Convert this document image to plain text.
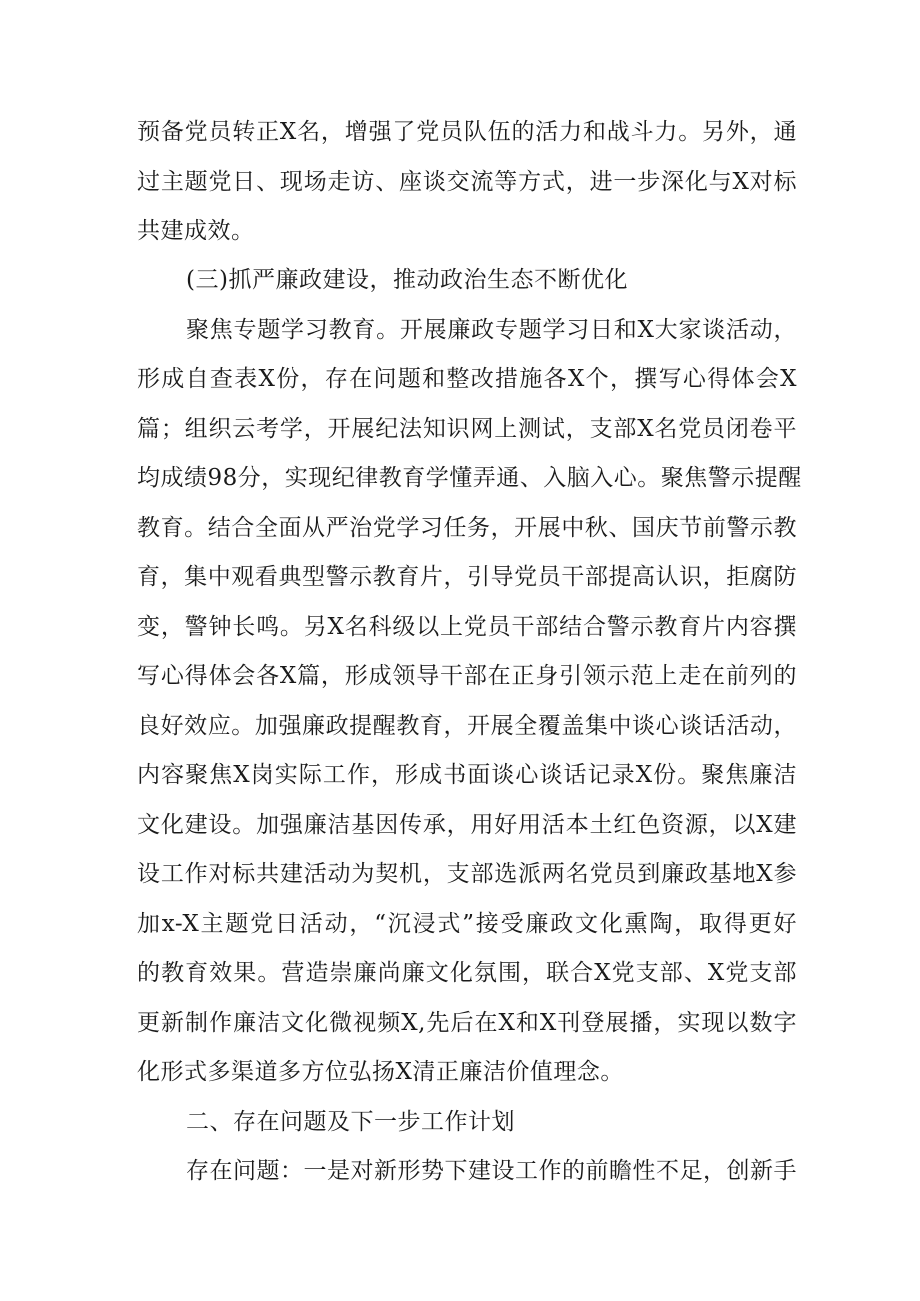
预备党员转正X名，增强了党员队伍的活力和战斗力。另外，通
过主题党日、现场走访、座谈交流等方式，进一步深化与X对标
共建成效。
(三)抓严廉政建设，推动政治生态不断优化
聚焦专题学习教育。开展廉政专题学习日和X大家谈活动，
形成自查表X份，存在问题和整改措施各X个，撰写心得体会X
篇；组织云考学，开展纪法知识网上测试，支部X名党员闭卷平
均成绩98分，实现纪律教育学懂弄通、入脑入心。聚焦警示提醒
教育。结合全面从严治党学习任务，开展中秋、国庆节前警示教
育，集中观看典型警示教育片，引导党员干部提高认识，拒腐防
变，警钟长鸣。另X名科级以上党员干部结合警示教育片内容撰
写心得体会各X篇，形成领导干部在正身引领示范上走在前列的
良好效应。加强廉政提醒教育，开展全覆盖集中谈心谈话活动，
内容聚焦X岗实际工作，形成书面谈心谈话记录X份。聚焦廉洁
文化建设。加强廉洁基因传承，用好用活本土红色资源，以X建
设工作对标共建活动为契机，支部选派两名党员到廉政基地X参
加x-X主题党日活动，“沉浸式”接受廉政文化熏陶，取得更好
的教育效果。营造崇廉尚廉文化氛围，联合X党支部、X党支部
更新制作廉洁文化微视频X,先后在X和X刊登展播，实现以数字
化形式多渠道多方位弘扬X清正廉洁价值理念。
二、存在问题及下一步工作计划
存在问题：一是对新形势下建设工作的前瞻性不足，创新手
